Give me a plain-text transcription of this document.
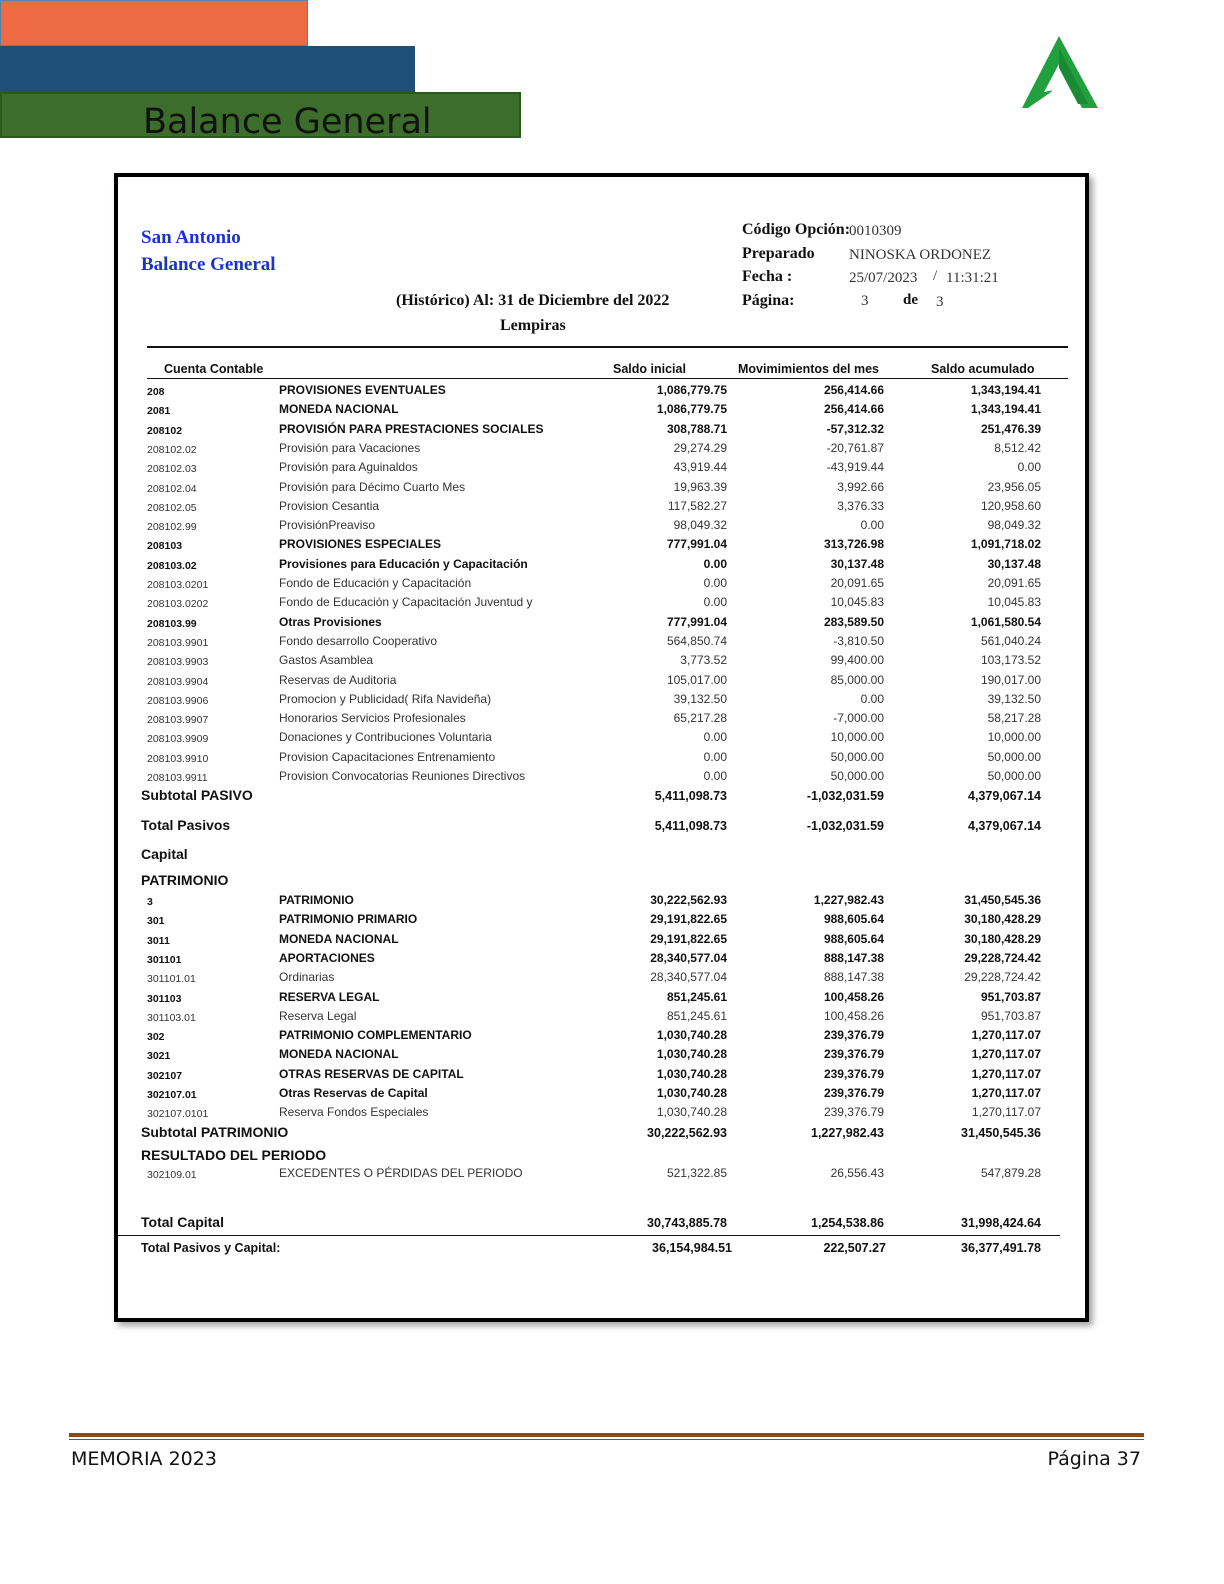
Balance General
San Antonio
Balance General
(Histórico) Al: 31 de Diciembre del 2022
Lempiras
Código Opción:
0010309
Preparado NINOSKA ORDONEZ
Fecha :	25/07/2023 / 11:31:21
Página:	3 de 3
Cuenta Contable	Saldo inicial	Movimimientos del mes	Saldo acumulado
Subtotal PASIVO	5,411,098.73	-1,032,031.59	4,379,067.14
Total Pasivos	5,411,098.73	-1,032,031.59	4,379,067.14
Capital
PATRIMONIO
Subtotal PATRIMONIO	30,222,562.93	1,227,982.43	31,450,545.36
RESULTADO DEL PERIODO
302109.01	EXCEDENTES O PÉRDIDAS DEL PERIODO	521,322.85	26,556.43	547,879.28
Total Capital	30,743,885.78	1,254,538.86	31,998,424.64
Total Pasivos y Capital:	36,154,984.51	222,507.27	36,377,491.78
MEMORIA 2023	Página 37
208	PROVISIONES EVENTUALES	1,086,779.75	256,414.66	1,343,194.41
2081	MONEDA NACIONAL	1,086,779.75	256,414.66	1,343,194.41
208102	PROVISIÓN PARA PRESTACIONES SOCIALES	308,788.71	-57,312.32	251,476.39
208102.02	Provisión para Vacaciones	29,274.29	-20,761.87	8,512.42
208102.03	Provisión para Aguinaldos	43,919.44	-43,919.44	0.00
208102.04	Provisión para Décimo Cuarto Mes	19,963.39	3,992.66	23,956.05
208102.05	Provision Cesantia	117,582.27	3,376.33	120,958.60
208102.99	ProvisiónPreaviso	98,049.32	0.00	98,049.32
208103	PROVISIONES ESPECIALES	777,991.04	313,726.98	1,091,718.02
208103.02	Provisiones para Educación y Capacitación	0.00	30,137.48	30,137.48
208103.0201	Fondo de Educación y Capacitación	0.00	20,091.65	20,091.65
208103.0202	Fondo de Educación y Capacitación Juventud y	0.00	10,045.83	10,045.83
208103.99	Otras Provisiones	777,991.04	283,589.50	1,061,580.54
208103.9901	Fondo desarrollo Cooperativo	564,850.74	-3,810.50	561,040.24
208103.9903	Gastos Asamblea	3,773.52	99,400.00	103,173.52
208103.9904	Reservas de Auditoria	105,017.00	85,000.00	190,017.00
208103.9906	Promocion y Publicidad( Rifa Navideña)	39,132.50	0.00	39,132.50
208103.9907	Honorarios Servicios Profesionales	65,217.28	-7,000.00	58,217.28
208103.9909	Donaciones y Contribuciones Voluntaria	0.00	10,000.00	10,000.00
208103.9910	Provision Capacitaciones Entrenamiento	0.00	50,000.00	50,000.00
208103.9911	Provision Convocatorias Reuniones Directivos	0.00	50,000.00	50,000.00
3	PATRIMONIO	30,222,562.93	1,227,982.43	31,450,545.36
301	PATRIMONIO PRIMARIO	29,191,822.65	988,605.64	30,180,428.29
3011	MONEDA NACIONAL	29,191,822.65	988,605.64	30,180,428.29
301101	APORTACIONES	28,340,577.04	888,147.38	29,228,724.42
301101.01	Ordinarias	28,340,577.04	888,147.38	29,228,724.42
301103	RESERVA LEGAL	851,245.61	100,458.26	951,703.87
301103.01	Reserva Legal	851,245.61	100,458.26	951,703.87
302	PATRIMONIO COMPLEMENTARIO	1,030,740.28	239,376.79	1,270,117.07
3021	MONEDA NACIONAL	1,030,740.28	239,376.79	1,270,117.07
302107	OTRAS RESERVAS DE CAPITAL	1,030,740.28	239,376.79	1,270,117.07
302107.01	Otras Reservas de Capital	1,030,740.28	239,376.79	1,270,117.07
302107.0101	Reserva Fondos Especiales	1,030,740.28	239,376.79	1,270,117.07
